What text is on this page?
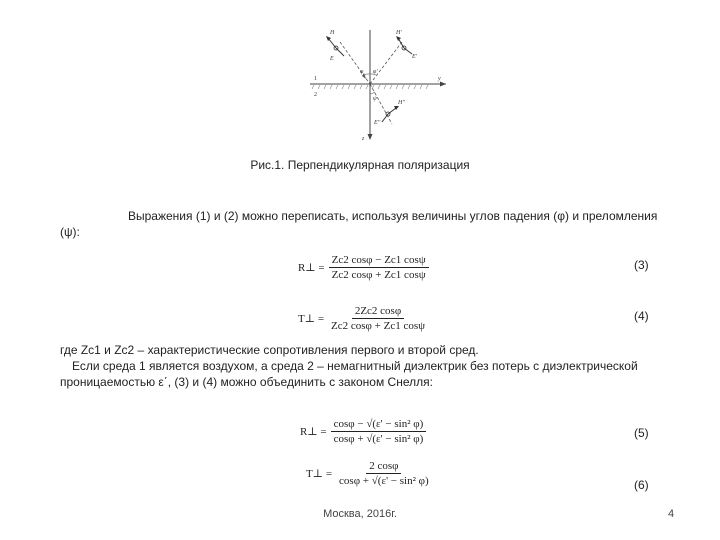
H
E
H'
E'
H''
E''
φ φ'
ψ
y
z
1
2
Рис.1. Перпендикулярная поляризация
Выражения (1) и (2) можно переписать, используя величины углов падения (φ) и преломления (ψ):
R⊥ = $\frac{Zc2 \cos\varphi - Zc1 \cos\psi}{Zc2 \cos\varphi + Zc1 \cos\psi}$	(3)
T⊥ = $\frac{2Zc2 \cos\varphi}{Zc2 \cos\varphi + Zc1 \cos\psi}$	(4)
где Zc1 и Zc2 – характеристические сопротивления первого и второй сред.
Если среда 1 является воздухом, а среда 2 – немагнитный диэлектрик без потерь с диэлектрической проницаемостью ε΄, (3) и (4) можно объединить с законом Снелля:
R⊥ = $\frac{\text{cosφ − √(ε' − sin² φ)}}{\text{cosφ + √(ε' − sin² φ)}}$	(5)
T⊥ = $\frac{2 \cos\varphi}{\text{cosφ + √(ε' − sin² φ)}}$	(6)
Москва, 2016г.	4
